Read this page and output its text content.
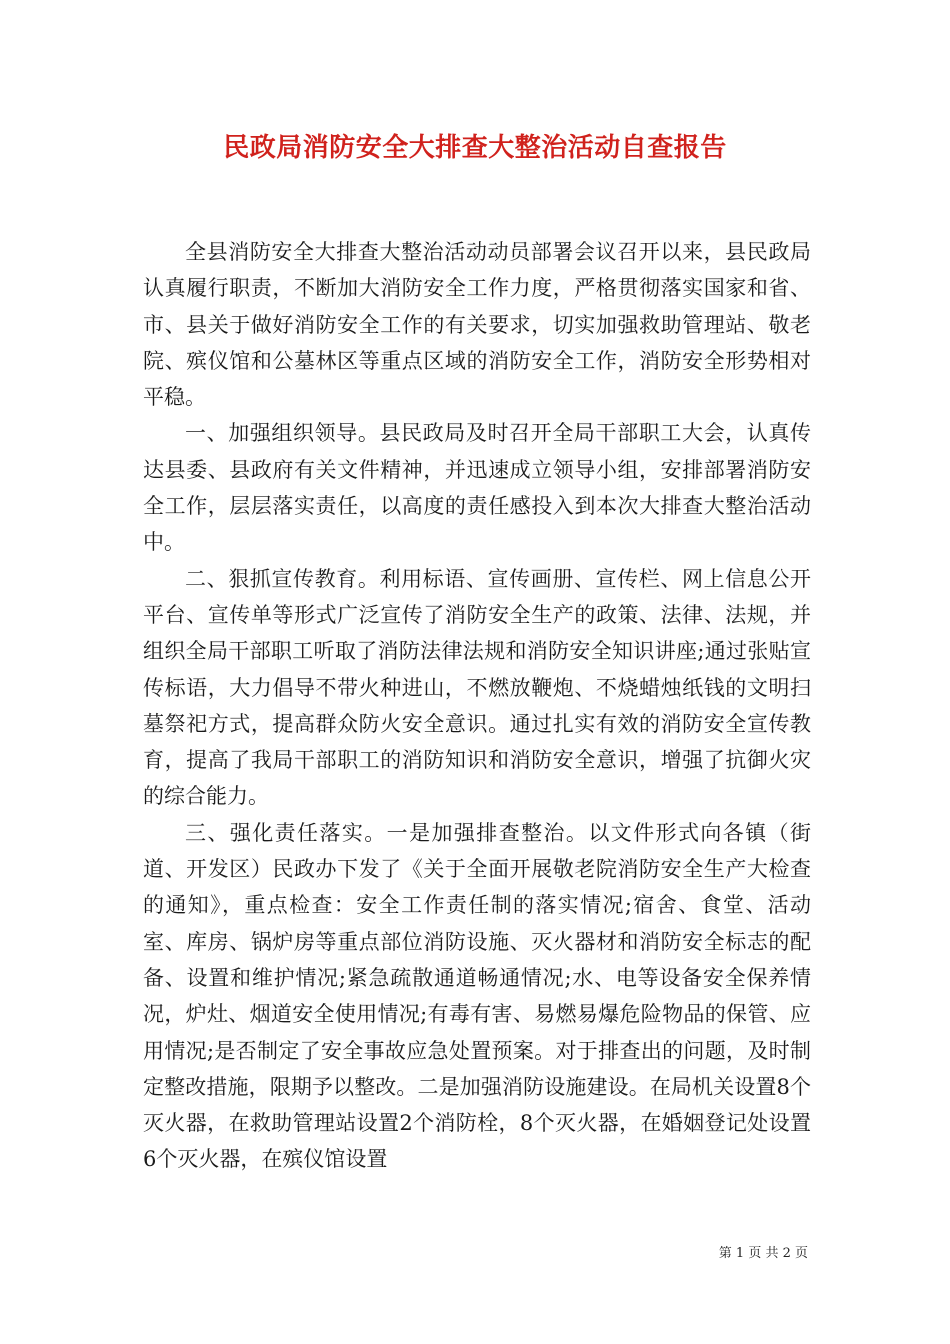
民政局消防安全大排查大整治活动自查报告

全县消防安全大排查大整治活动动员部署会议召开以来，县民政局认真履行职责，不断加大消防安全工作力度，严格贯彻落实国家和省、市、县关于做好消防安全工作的有关要求，切实加强救助管理站、敬老院、殡仪馆和公墓林区等重点区域的消防安全工作，消防安全形势相对平稳。

一、加强组织领导。县民政局及时召开全局干部职工大会，认真传达县委、县政府有关文件精神，并迅速成立领导小组，安排部署消防安全工作，层层落实责任，以高度的责任感投入到本次大排查大整治活动中。

二、狠抓宣传教育。利用标语、宣传画册、宣传栏、网上信息公开平台、宣传单等形式广泛宣传了消防安全生产的政策、法律、法规，并组织全局干部职工听取了消防法律法规和消防安全知识讲座;通过张贴宣传标语，大力倡导不带火种进山，不燃放鞭炮、不烧蜡烛纸钱的文明扫墓祭祀方式，提高群众防火安全意识。通过扎实有效的消防安全宣传教育，提高了我局干部职工的消防知识和消防安全意识，增强了抗御火灾的综合能力。

三、强化责任落实。一是加强排查整治。以文件形式向各镇（街道、开发区）民政办下发了《关于全面开展敬老院消防安全生产大检查的通知》，重点检查：安全工作责任制的落实情况;宿舍、食堂、活动室、库房、锅炉房等重点部位消防设施、灭火器材和消防安全标志的配备、设置和维护情况;紧急疏散通道畅通情况;水、电等设备安全保养情况，炉灶、烟道安全使用情况;有毒有害、易燃易爆危险物品的保管、应用情况;是否制定了安全事故应急处置预案。对于排查出的问题，及时制定整改措施，限期予以整改。二是加强消防设施建设。在局机关设置8个灭火器，在救助管理站设置2个消防栓，8个灭火器，在婚姻登记处设置6个灭火器，在殡仪馆设置

第 1 页 共 2 页
